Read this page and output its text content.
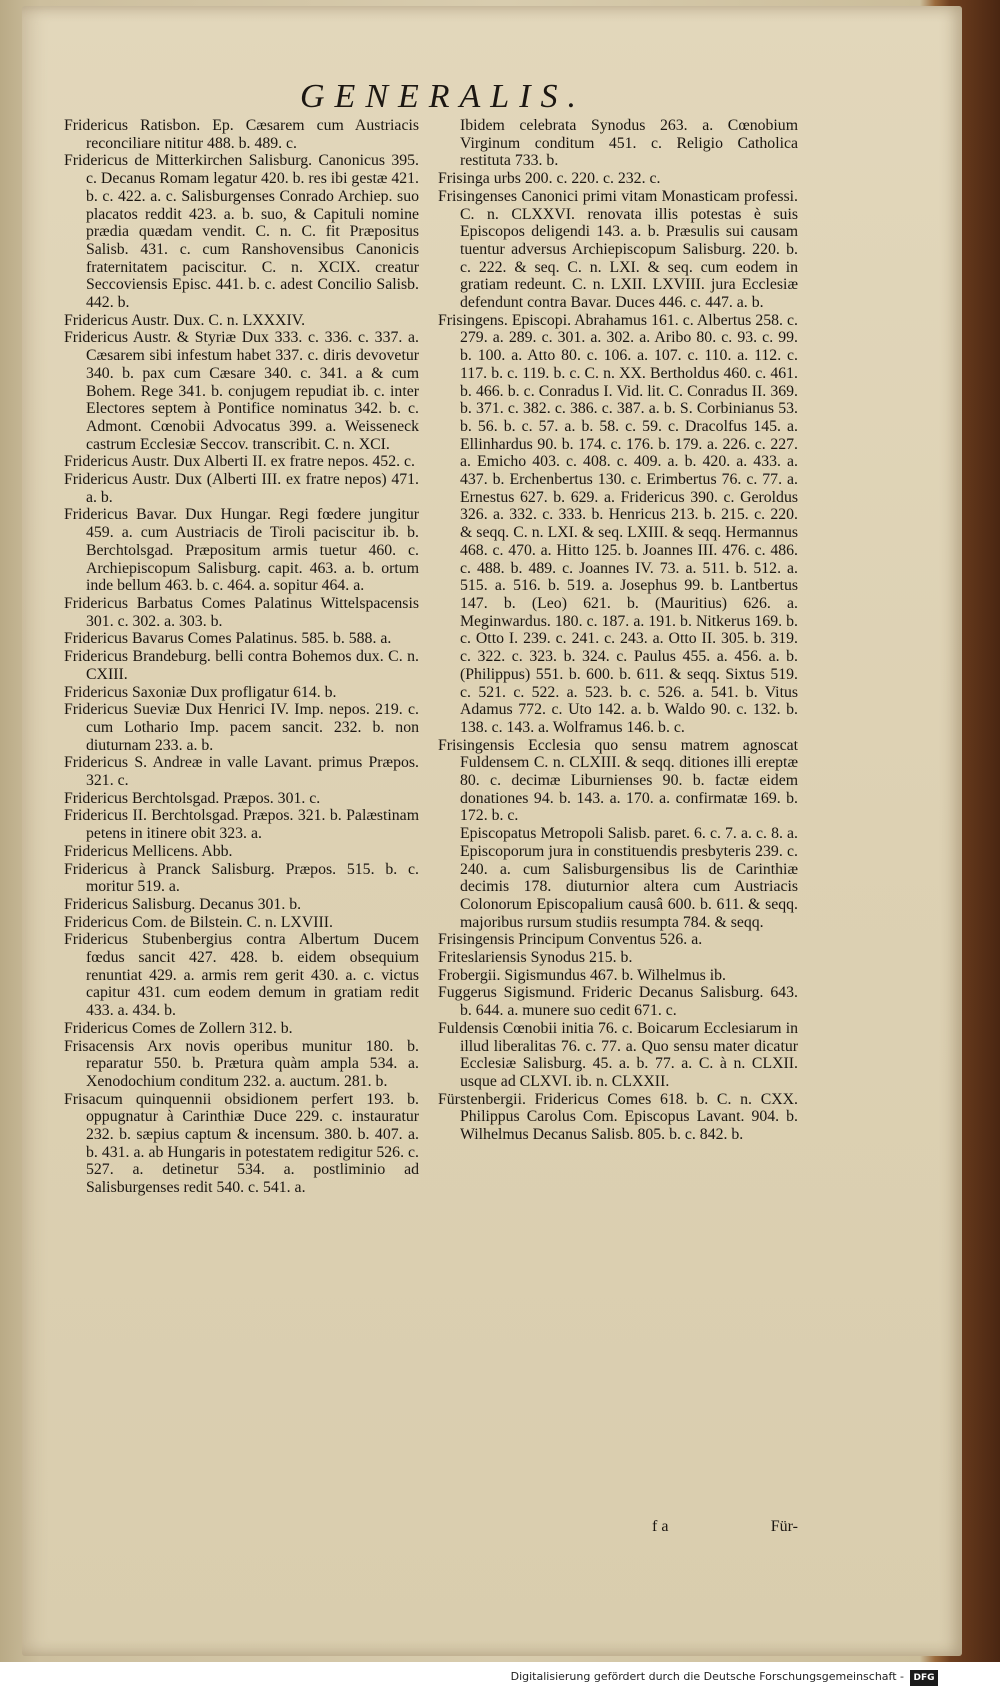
GENERALIS.

Fridericus Ratisbon. Ep. Cæsarem cum Austriacis reconciliare nititur 488. b. 489. c.

Fridericus de Mitterkirchen Salisburg. Canonicus 395. c. Decanus Romam legatur 420. b. res ibi gestæ 421. b. c. 422. a. c. Salisburgenses Conrado Archiep. suo placatos reddit 423. a. b. suo, & Capituli nomine prædia quædam vendit. C. n. C. fit Præpositus Salisb. 431. c. cum Ranshovensibus Canonicis fraternitatem paciscitur. C. n. XCIX. creatur Seccoviensis Episc. 441. b. c. adest Concilio Salisb. 442. b.

Fridericus Austr. Dux. C. n. LXXXIV.

Fridericus Austr. & Styriæ Dux 333. c. 336. c. 337. a. Cæsarem sibi infestum habet 337. c. diris devovetur 340. b. pax cum Cæsare 340. c. 341. a & cum Bohem. Rege 341. b. conjugem repudiat ib. c. inter Electores septem à Pontifice nominatus 342. b. c. Admont. Cœnobii Advocatus 399. a. Weisseneck castrum Ecclesiæ Seccov. transcribit. C. n. XCI.

Fridericus Austr. Dux Alberti II. ex fratre nepos. 452. c.

Fridericus Austr. Dux (Alberti III. ex fratre nepos) 471. a. b.

Fridericus Bavar. Dux Hungar. Regi fœdere jungitur 459. a. cum Austriacis de Tiroli paciscitur ib. b. Berchtolsgad. Præpositum armis tuetur 460. c. Archiepiscopum Salisburg. capit. 463. a. b. ortum inde bellum 463. b. c. 464. a. sopitur 464. a.

Fridericus Barbatus Comes Palatinus Wittelspacensis 301. c. 302. a. 303. b.

Fridericus Bavarus Comes Palatinus. 585. b. 588. a.

Fridericus Brandeburg. belli contra Bohemos dux. C. n. CXIII.

Fridericus Saxoniæ Dux profligatur 614. b.

Fridericus Sueviæ Dux Henrici IV. Imp. nepos. 219. c. cum Lothario Imp. pacem sancit. 232. b. non diuturnam 233. a. b.

Fridericus S. Andreæ in valle Lavant. primus Præpos. 321. c.

Fridericus Berchtolsgad. Præpos. 301. c.

Fridericus II. Berchtolsgad. Præpos. 321. b. Palæstinam petens in itinere obit 323. a.

Fridericus Mellicens. Abb.

Fridericus à Pranck Salisburg. Præpos. 515. b. c. moritur 519. a.

Fridericus Salisburg. Decanus 301. b.

Fridericus Com. de Bilstein. C. n. LXVIII.

Fridericus Stubenbergius contra Albertum Ducem fœdus sancit 427. 428. b. eidem obsequium renuntiat 429. a. armis rem gerit 430. a. c. victus capitur 431. cum eodem demum in gratiam redit 433. a. 434. b.

Fridericus Comes de Zollern 312. b.

Frisacensis Arx novis operibus munitur 180. b. reparatur 550. b. Prætura quàm ampla 534. a. Xenodochium conditum 232. a. auctum. 281. b.

Frisacum quinquennii obsidionem perfert 193. b. oppugnatur à Carinthiæ Duce 229. c. instauratur 232. b. sæpius captum & incensum. 380. b. 407. a. b. 431. a. ab Hungaris in potestatem redigitur 526. c. 527. a. detinetur 534. a. postliminio ad Salisburgenses redit 540. c. 541. a.

Ibidem celebrata Synodus 263. a. Cœnobium Virginum conditum 451. c. Religio Catholica restituta 733. b.

Frisinga urbs 200. c. 220. c. 232. c.

Frisingenses Canonici primi vitam Monasticam professi. C. n. CLXXVI. renovata illis potestas è suis Episcopos deligendi 143. a. b. Præsulis sui causam tuentur adversus Archiepiscopum Salisburg. 220. b. c. 222. & seq. C. n. LXI. & seq. cum eodem in gratiam redeunt. C. n. LXII. LXVIII. jura Ecclesiæ defendunt contra Bavar. Duces 446. c. 447. a. b.

Frisingens. Episcopi. Abrahamus 161. c. Albertus 258. c. 279. a. 289. c. 301. a. 302. a. Aribo 80. c. 93. c. 99. b. 100. a. Atto 80. c. 106. a. 107. c. 110. a. 112. c. 117. b. c. 119. b. c. C. n. XX. Bertholdus 460. c. 461. b. 466. b. c. Conradus I. Vid. lit. C. Conradus II. 369. b. 371. c. 382. c. 386. c. 387. a. b. S. Corbinianus 53. b. 56. b. c. 57. a. b. 58. c. 59. c. Dracolfus 145. a. Ellinhardus 90. b. 174. c. 176. b. 179. a. 226. c. 227. a. Emicho 403. c. 408. c. 409. a. b. 420. a. 433. a. 437. b. Erchenbertus 130. c. Erimbertus 76. c. 77. a. Ernestus 627. b. 629. a. Fridericus 390. c. Geroldus 326. a. 332. c. 333. b. Henricus 213. b. 215. c. 220. & seqq. C. n. LXI. & seq. LXIII. & seqq. Hermannus 468. c. 470. a. Hitto 125. b. Joannes III. 476. c. 486. c. 488. b. 489. c. Joannes IV. 73. a. 511. b. 512. a. 515. a. 516. b. 519. a. Josephus 99. b. Lantbertus 147. b. (Leo) 621. b. (Mauritius) 626. a. Meginwardus. 180. c. 187. a. 191. b. Nitkerus 169. b. c. Otto I. 239. c. 241. c. 243. a. Otto II. 305. b. 319. c. 322. c. 323. b. 324. c. Paulus 455. a. 456. a. b. (Philippus) 551. b. 600. b. 611. & seqq. Sixtus 519. c. 521. c. 522. a. 523. b. c. 526. a. 541. b. Vitus Adamus 772. c. Uto 142. a. b. Waldo 90. c. 132. b. 138. c. 143. a. Wolframus 146. b. c.

Frisingensis Ecclesia quo sensu matrem agnoscat Fuldensem C. n. CLXIII. & seqq. ditiones illi ereptæ 80. c. decimæ Liburnienses 90. b. factæ eidem donationes 94. b. 143. a. 170. a. confirmatæ 169. b. 172. b. c.

Episcopatus Metropoli Salisb. paret. 6. c. 7. a. c. 8. a. Episcoporum jura in constituendis presbyteris 239. c. 240. a. cum Salisburgensibus lis de Carinthiæ decimis 178. diuturnior altera cum Austriacis Colonorum Episcopalium causâ 600. b. 611. & seqq. majoribus rursum studiis resumpta 784. & seqq.

Frisingensis Principum Conventus 526. a.

Friteslariensis Synodus 215. b.

Frobergii. Sigismundus 467. b. Wilhelmus ib.

Fuggerus Sigismund. Frideric Decanus Salisburg. 643. b. 644. a. munere suo cedit 671. c.

Fuldensis Cœnobii initia 76. c. Boicarum Ecclesiarum in illud liberalitas 76. c. 77. a. Quo sensu mater dicatur Ecclesiæ Salisburg. 45. a. b. 77. a. C. à n. CLXII. usque ad CLXVI. ib. n. CLXXII.

Fürstenbergii. Fridericus Comes 618. b. C. n. CXX. Philippus Carolus Com. Episcopus Lavant. 904. b. Wilhelmus Decanus Salisb. 805. b. c. 842. b.

f a	Für-
Digitalisierung gefördert durch die Deutsche Forschungsgemeinschaft -	DFG
